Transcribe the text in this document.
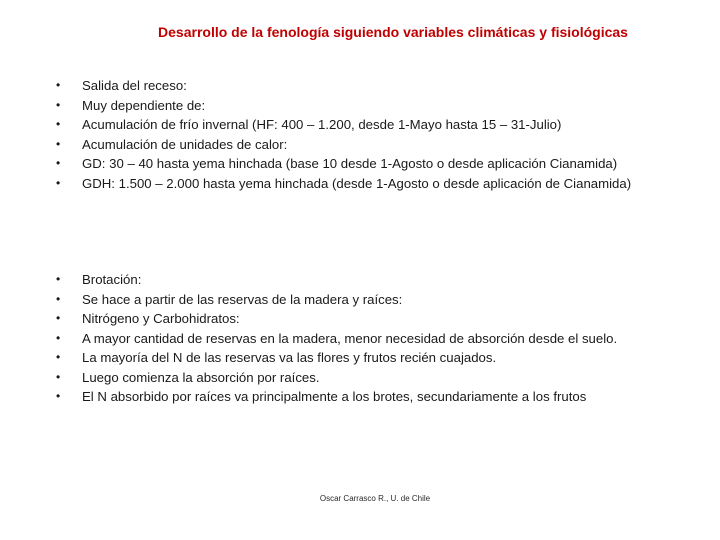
Desarrollo de la fenología siguiendo variables climáticas y fisiológicas
• Salida del receso:
• Muy dependiente de:
• Acumulación de frío invernal (HF: 400 – 1.200, desde 1-Mayo hasta 15 – 31-Julio)
• Acumulación de unidades de calor:
• GD: 30 – 40 hasta yema hinchada (base 10 desde 1-Agosto o desde aplicación Cianamida)
• GDH: 1.500 – 2.000 hasta yema hinchada (desde 1-Agosto o desde aplicación de Cianamida)
• Brotación:
• Se hace a partir de las reservas de la madera y raíces:
• Nitrógeno y Carbohidratos:
• A mayor cantidad de reservas en la madera, menor necesidad de absorción desde el suelo.
• La mayoría del N de las reservas va las flores y frutos recién cuajados.
• Luego comienza la absorción por raíces.
• El N absorbido por raíces va principalmente a los brotes, secundariamente a los frutos
Oscar Carrasco R., U. de Chile
